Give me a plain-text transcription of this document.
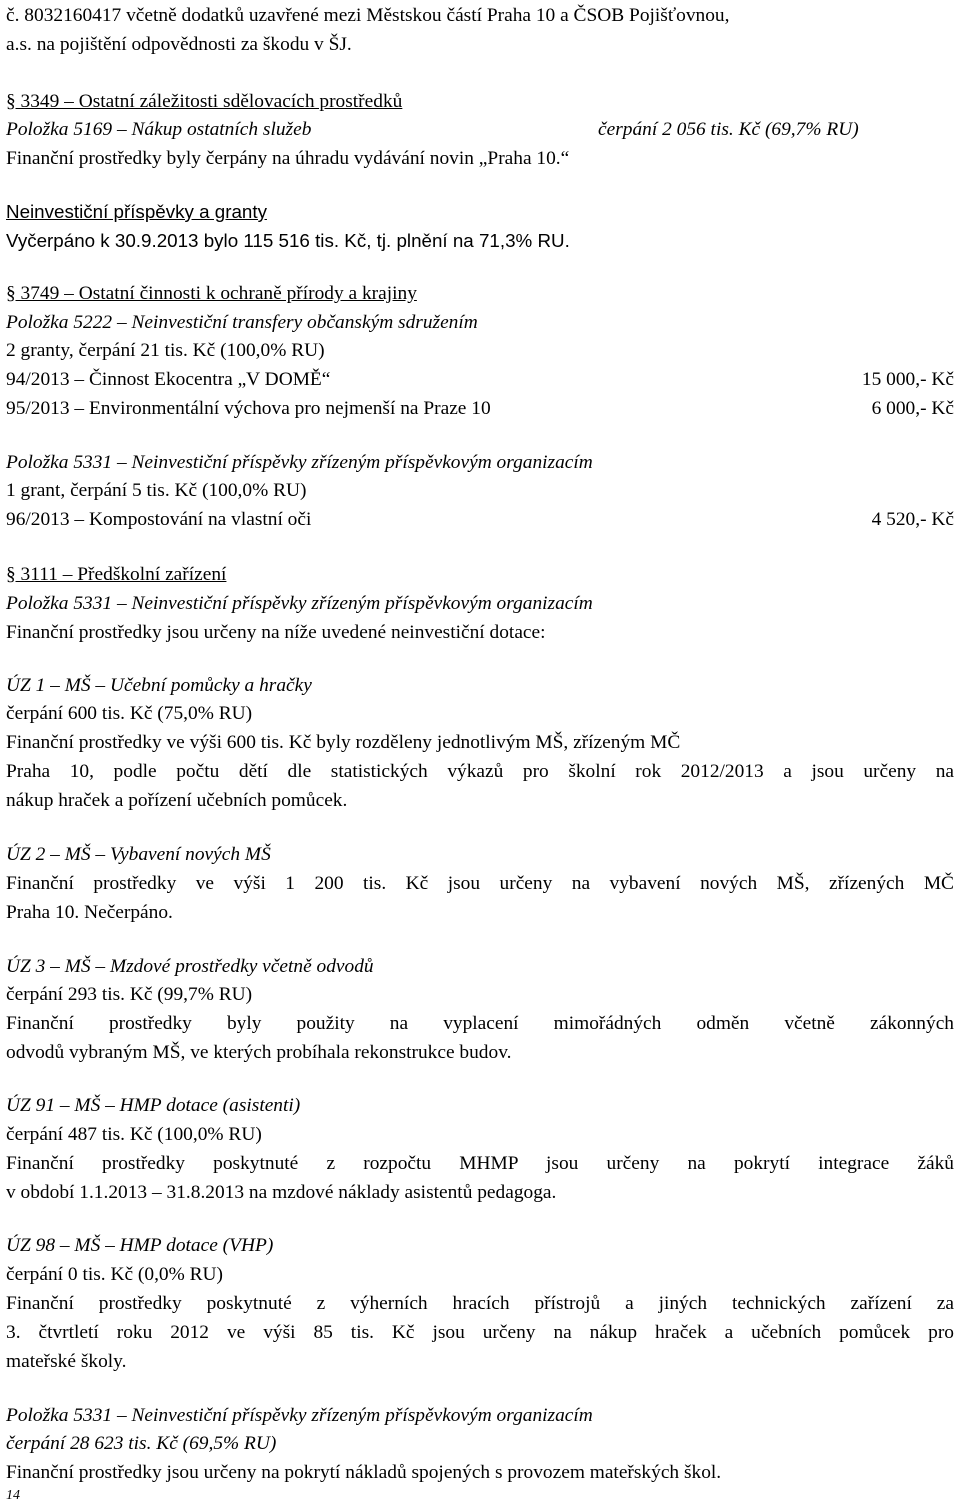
č. 8032160417 včetně dodatků uzavřené mezi Městskou částí Praha 10 a ČSOB Pojišťovnou,
a.s. na pojištění odpovědnosti za škodu v ŠJ.
§ 3349 – Ostatní záležitosti sdělovacích prostředků
Položka 5169 – Nákup ostatních služeb	čerpání 2 056 tis. Kč (69,7% RU)
Finanční prostředky byly čerpány na úhradu vydávání novin „Praha 10.“
Neinvestiční příspěvky a granty
Vyčerpáno k 30.9.2013 bylo 115 516 tis. Kč, tj. plnění na 71,3% RU.
§ 3749 – Ostatní činnosti k ochraně přírody a krajiny
Položka 5222 – Neinvestiční transfery občanským sdružením
2 granty, čerpání 21 tis. Kč (100,0% RU)
94/2013 – Činnost Ekocentra „V DOMĚ“	15 000,- Kč
95/2013 – Environmentální výchova pro nejmenší na Praze 10	6 000,- Kč
Položka 5331 – Neinvestiční příspěvky zřízeným příspěvkovým organizacím
1 grant, čerpání 5 tis. Kč (100,0% RU)
96/2013 – Kompostování na vlastní oči	4 520,- Kč
§ 3111 – Předškolní zařízení
Položka 5331 – Neinvestiční příspěvky zřízeným příspěvkovým organizacím
Finanční prostředky jsou určeny na níže uvedené neinvestiční dotace:
ÚZ 1 – MŠ – Učební pomůcky a hračky
čerpání 600 tis. Kč (75,0% RU)
Finanční prostředky ve výši 600 tis. Kč byly rozděleny jednotlivým MŠ, zřízeným MČ
Praha 10, podle počtu dětí dle statistických výkazů pro školní rok 2012/2013 a jsou určeny na
nákup hraček a pořízení učebních pomůcek.
ÚZ 2 – MŠ – Vybavení nových MŠ
Finanční prostředky ve výši 1 200 tis. Kč jsou určeny na vybavení nových MŠ, zřízených MČ
Praha 10. Nečerpáno.
ÚZ 3 – MŠ – Mzdové prostředky včetně odvodů
čerpání 293 tis. Kč (99,7% RU)
Finanční prostředky byly použity na vyplacení mimořádných odměn včetně zákonných
odvodů vybraným MŠ, ve kterých probíhala rekonstrukce budov.
ÚZ 91 – MŠ – HMP dotace (asistenti)
čerpání 487 tis. Kč (100,0% RU)
Finanční prostředky poskytnuté z rozpočtu MHMP jsou určeny na pokrytí integrace žáků
v období 1.1.2013 – 31.8.2013 na mzdové náklady asistentů pedagoga.
ÚZ 98 – MŠ – HMP dotace (VHP)
čerpání 0 tis. Kč (0,0% RU)
Finanční prostředky poskytnuté z výherních hracích přístrojů a jiných technických zařízení za
3. čtvrtletí roku 2012 ve výši 85 tis. Kč jsou určeny na nákup hraček a učebních pomůcek pro
mateřské školy.
Položka 5331 – Neinvestiční příspěvky zřízeným příspěvkovým organizacím
čerpání 28 623 tis. Kč (69,5% RU)
Finanční prostředky jsou určeny na pokrytí nákladů spojených s provozem mateřských škol.
14
